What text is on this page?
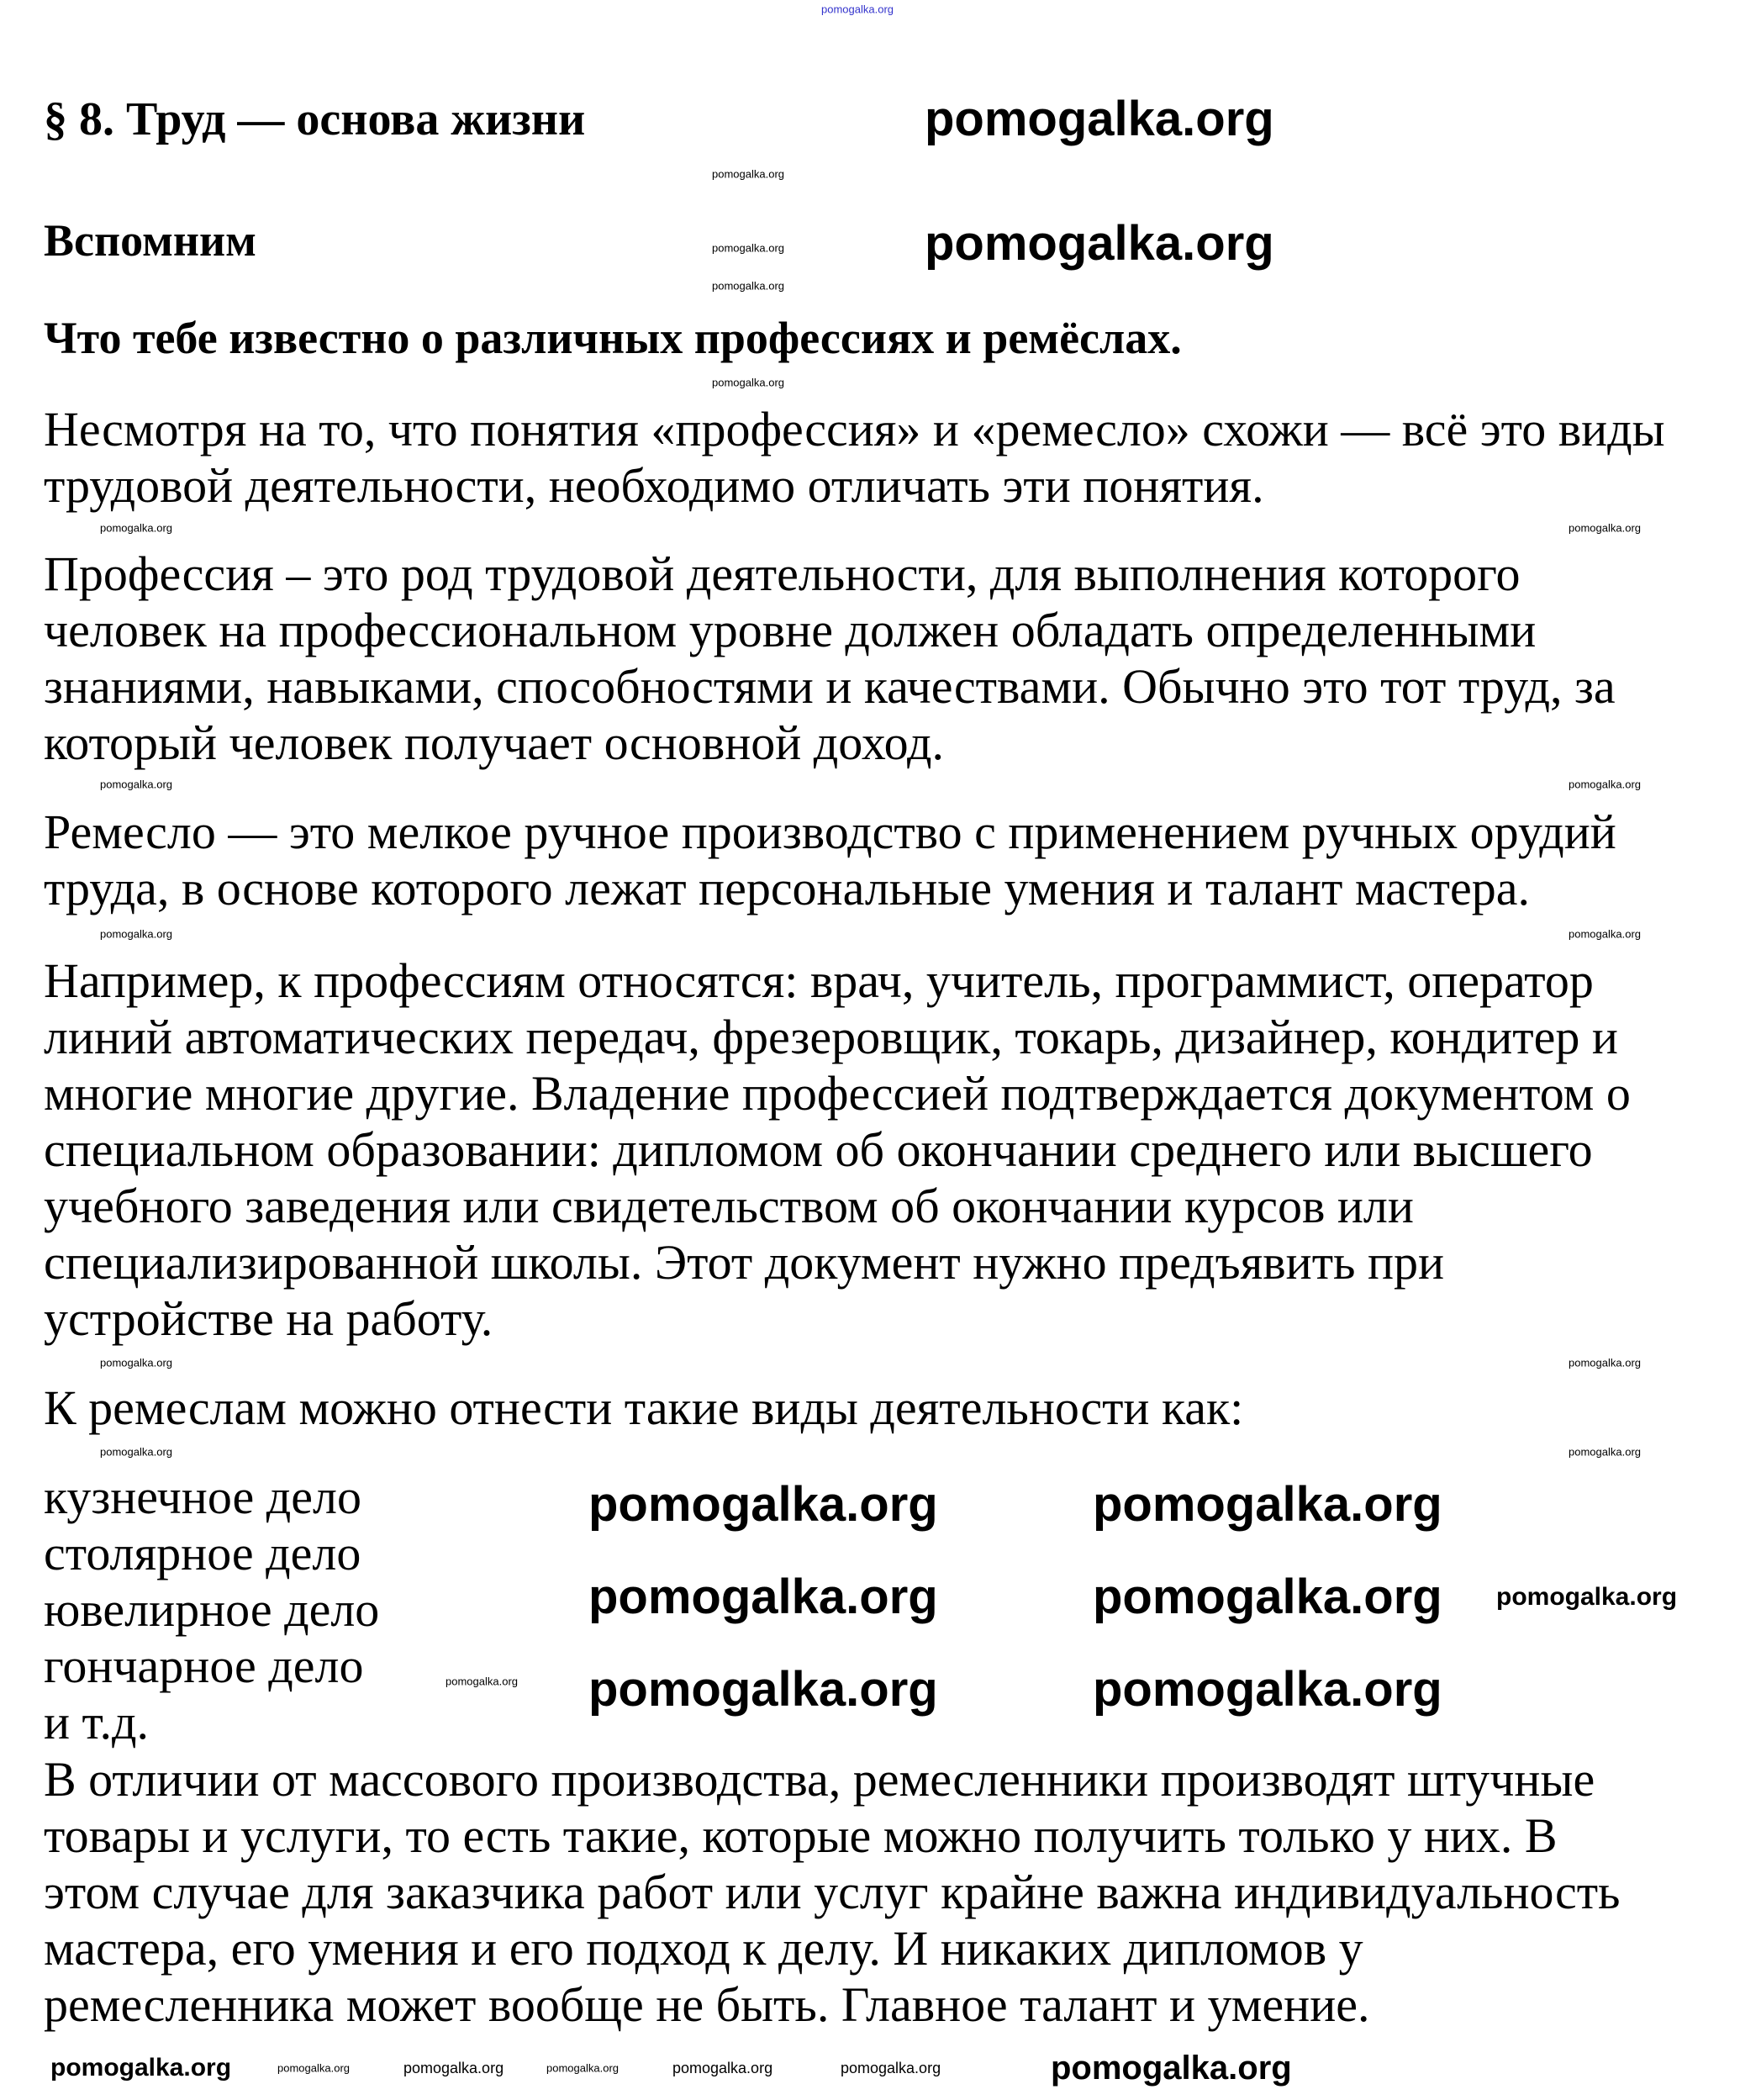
§ 8. Труд — основа жизни
Вспомним
Что тебе известно о различных профессиях и ремёслах.
Несмотря на то, что понятия «профессия» и «ремесло» схожи — всё это виды
трудовой деятельности, необходимо отличать эти понятия.
Профессия – это род трудовой деятельности, для выполнения которого
человек на профессиональном уровне должен обладать определенными
знаниями, навыками, способностями и качествами. Обычно это тот труд, за
который человек получает основной доход.
Ремесло — это мелкое ручное производство с применением ручных орудий
труда, в основе которого лежат персональные умения и талант мастера.
Например, к профессиям относятся: врач, учитель, программист, оператор
линий автоматических передач, фрезеровщик, токарь, дизайнер, кондитер и
многие многие другие. Владение профессией подтверждается документом о
специальном образовании: дипломом об окончании среднего или высшего
учебного заведения или свидетельством об окончании курсов или
специализированной школы. Этот документ нужно предъявить при
устройстве на работу.
К ремеслам можно отнести такие виды деятельности как:
кузнечное дело
столярное дело
ювелирное дело
гончарное дело
и т.д.
В отличии от массового производства, ремесленники производят штучные
товары и услуги, то есть такие, которые можно получить только у них. В
этом случае для заказчика работ или услуг крайне важна индивидуальность
мастера, его умения и его подход к делу. И никаких дипломов у
ремесленника может вообще не быть. Главное талант и умение.
pomogalka.org
pomogalka.org
pomogalka.org
pomogalka.org	pomogalka.org
pomogalka.org	pomogalka.org
pomogalka.org	pomogalka.org
pomogalka.org
pomogalka.org	pomogalka.org
pomogalka.org
pomogalka.org
pomogalka.org
pomogalka.org
pomogalka.org
pomogalka.org
pomogalka.org
pomogalka.org
pomogalka.org
pomogalka.org
pomogalka.org
pomogalka.org
pomogalka.org
pomogalka.org
pomogalka.org
pomogalka.org
pomogalka.org	pomogalka.org	pomogalka.org	pomogalka.org
